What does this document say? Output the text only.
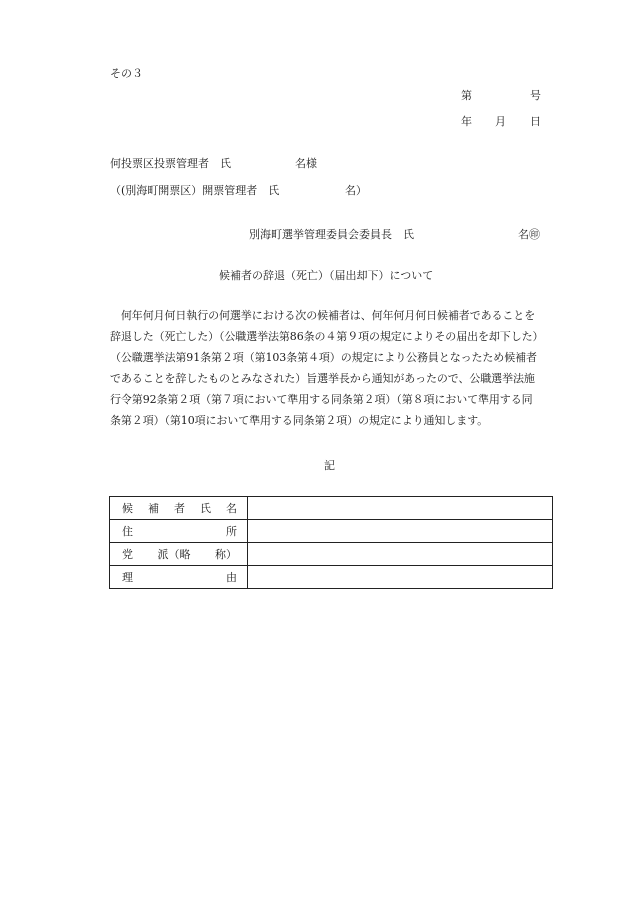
その３
第	号
年 月 日
何投票区投票管理者　氏	名様
（(別海町開票区）開票管理者　氏	名）
別海町選挙管理委員会委員長　氏	名㊞
候補者の辞退（死亡）（届出却下）について
　何年何月何日執行の何選挙における次の候補者は、何年何月何日候補者であることを
辞退した（死亡した）（公職選挙法第86条の４第９項の規定によりその届出を却下した）
（公職選挙法第91条第２項（第103条第４項）の規定により公務員となったため候補者
であることを辞したものとみなされた）旨選挙長から通知があったので、公職選挙法施
行令第92条第２項（第７項において準用する同条第２項）（第８項において準用する同
条第２項）（第10項において準用する同条第２項）の規定により通知します。
記
候 補 者 氏 名	

住 所	

党 派（略 称）	

理 由	
